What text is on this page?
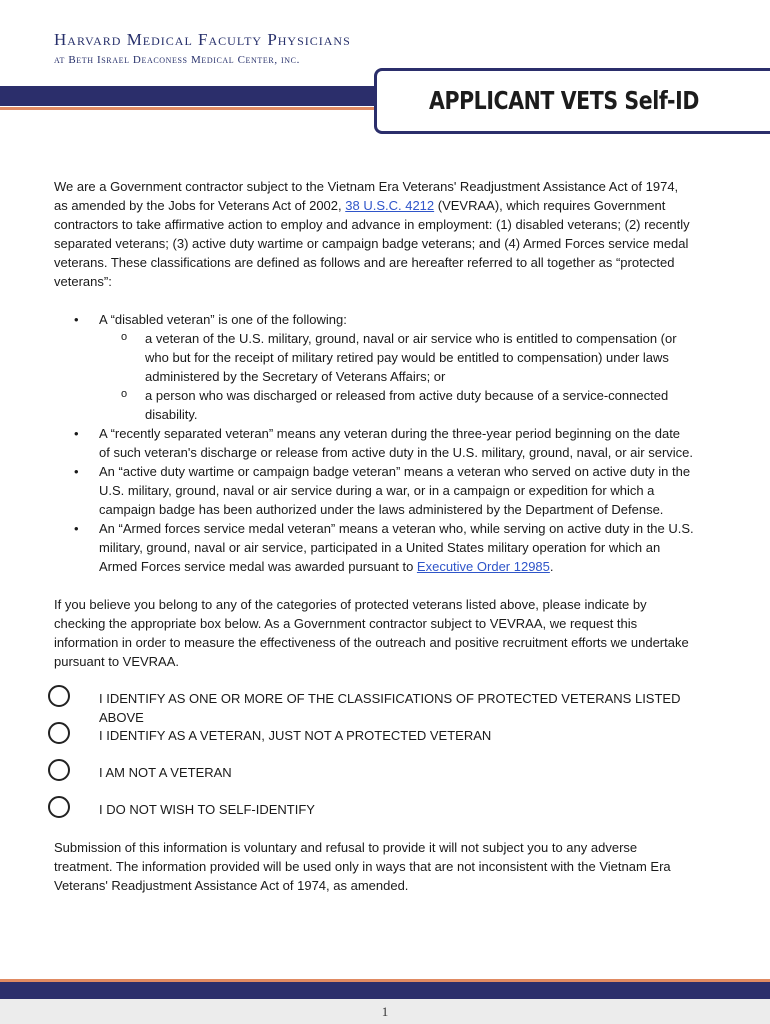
Harvard Medical Faculty Physicians
at Beth Israel Deaconess Medical Center, inc.
APPLICANT VETS Self-ID

We are a Government contractor subject to the Vietnam Era Veterans' Readjustment Assistance Act of 1974, as amended by the Jobs for Veterans Act of 2002, 38 U.S.C. 4212 (VEVRAA), which requires Government contractors to take affirmative action to employ and advance in employment: (1) disabled veterans; (2) recently separated veterans; (3) active duty wartime or campaign badge veterans; and (4) Armed Forces service medal veterans. These classifications are defined as follows and are hereafter referred to all together as “protected veterans”:

• A “disabled veteran” is one of the following:
o a veteran of the U.S. military, ground, naval or air service who is entitled to compensation (or who but for the receipt of military retired pay would be entitled to compensation) under laws administered by the Secretary of Veterans Affairs; or
o a person who was discharged or released from active duty because of a service-connected disability.
• A “recently separated veteran” means any veteran during the three-year period beginning on the date of such veteran's discharge or release from active duty in the U.S. military, ground, naval, or air service.
• An “active duty wartime or campaign badge veteran” means a veteran who served on active duty in the U.S. military, ground, naval or air service during a war, or in a campaign or expedition for which a campaign badge has been authorized under the laws administered by the Department of Defense.
• An “Armed forces service medal veteran” means a veteran who, while serving on active duty in the U.S. military, ground, naval or air service, participated in a United States military operation for which an Armed Forces service medal was awarded pursuant to Executive Order 12985.

If you believe you belong to any of the categories of protected veterans listed above, please indicate by checking the appropriate box below. As a Government contractor subject to VEVRAA, we request this information in order to measure the effectiveness of the outreach and positive recruitment efforts we undertake pursuant to VEVRAA.

I IDENTIFY AS ONE OR MORE OF THE CLASSIFICATIONS OF PROTECTED VETERANS LISTED ABOVE
I IDENTIFY AS A VETERAN, JUST NOT A PROTECTED VETERAN
I AM NOT A VETERAN
I DO NOT WISH TO SELF-IDENTIFY

Submission of this information is voluntary and refusal to provide it will not subject you to any adverse treatment. The information provided will be used only in ways that are not inconsistent with the Vietnam Era Veterans' Readjustment Assistance Act of 1974, as amended.

1
